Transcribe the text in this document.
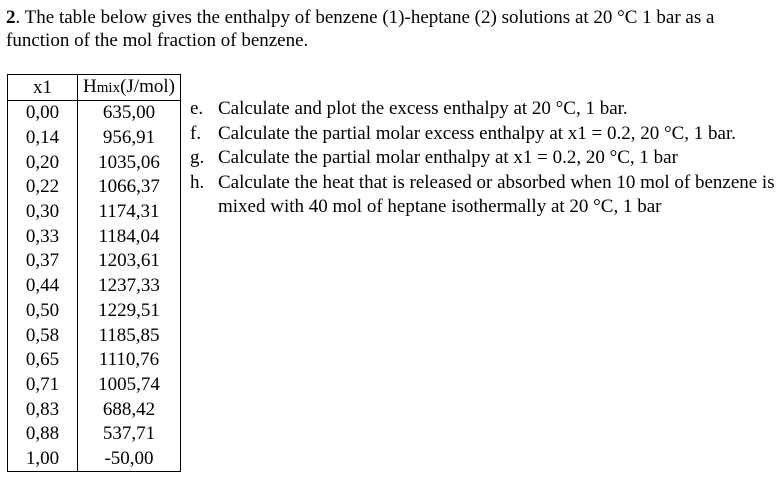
2. The table below gives the enthalpy of benzene (1)-heptane (2) solutions at 20 °C 1 bar as a function of the mol fraction of benzene.
x1	Hmix(J/mol)
0,00	635,00
0,14	956,91
0,20	1035,06
0,22	1066,37
0,30	1174,31
0,33	1184,04
0,37	1203,61
0,44	1237,33
0,50	1229,51
0,58	1185,85
0,65	1110,76
0,71	1005,74
0,83	688,42
0,88	537,71
1,00	-50,00
e. Calculate and plot the excess enthalpy at 20 °C, 1 bar.
f. Calculate the partial molar excess enthalpy at x1 = 0.2, 20 °C, 1 bar.
g. Calculate the partial molar enthalpy at x1 = 0.2, 20 °C, 1 bar
h. Calculate the heat that is released or absorbed when 10 mol of benzene is mixed with 40 mol of heptane isothermally at 20 °C, 1 bar
